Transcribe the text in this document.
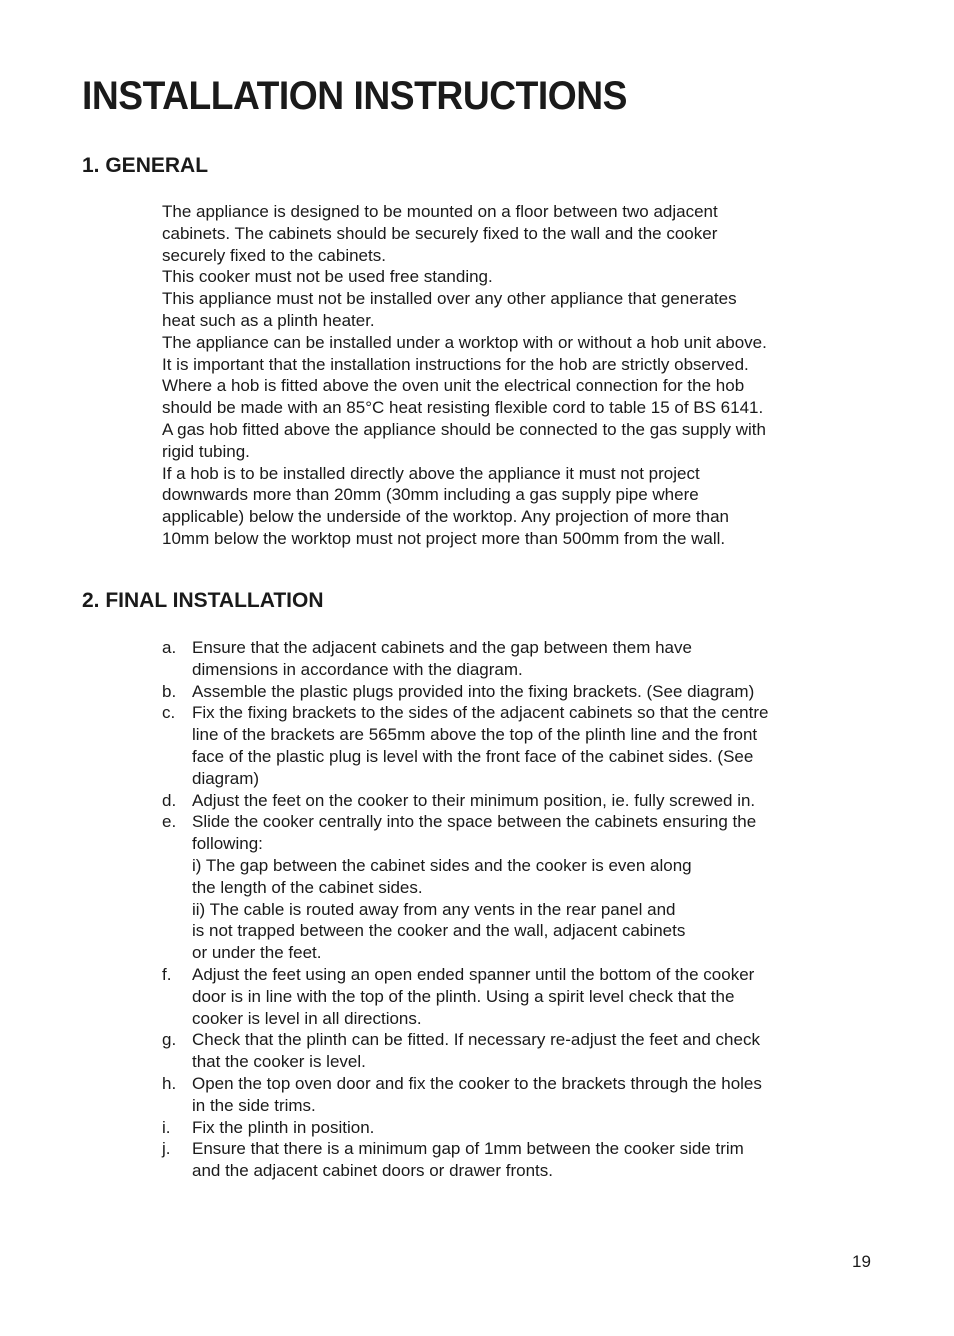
INSTALLATION INSTRUCTIONS
1. GENERAL

The appliance is designed to be mounted on a floor between two adjacent

cabinets. The cabinets should be securely fixed to the wall and the cooker

securely fixed to the cabinets.

This cooker must not be used free standing.

This appliance must not be installed over any other appliance that generates

heat such as a plinth heater.

The appliance can be installed under a worktop with or without a hob unit above.

It is important that the installation instructions for the hob are strictly observed.

Where a hob is fitted above the oven unit the electrical connection for the hob

should be made with an 85°C heat resisting flexible cord to table 15 of BS 6141.

A gas hob fitted above the appliance should be connected to the gas supply with

rigid tubing.

If a hob is to be installed directly above the appliance it must not project

downwards more than 20mm (30mm including a gas supply pipe where

applicable) below the underside of the worktop. Any projection of more than

10mm below the worktop must not project more than 500mm from the wall.

2. FINAL INSTALLATION
a. Ensure that the adjacent cabinets and the gap between them have
dimensions in accordance with the diagram.
b. Assemble the plastic plugs provided into the fixing brackets. (See diagram)
c. Fix the fixing brackets to the sides of the adjacent cabinets so that the centre
line of the brackets are 565mm above the top of the plinth line and the front
face of the plastic plug is level with the front face of the cabinet sides. (See
diagram)
d. Adjust the feet on the cooker to their minimum position, ie. fully screwed in.
e. Slide the cooker centrally into the space between the cabinets ensuring the
following:
i) The gap between the cabinet sides and the cooker is even along
the length of the cabinet sides.
ii) The cable is routed away from any vents in the rear panel and
is not trapped between the cooker and the wall, adjacent cabinets
or under the feet.
f.	Adjust the feet using an open ended spanner until the bottom of the cooker
door is in line with the top of the plinth. Using a spirit level check that the
cooker is level in all directions.
g. Check that the plinth can be fitted. If necessary re-adjust the feet and check
that the cooker is level.
h. Open the top oven door and fix the cooker to the brackets through the holes
in the side trims.
i.	Fix the plinth in position.
j.	Ensure that there is a minimum gap of 1mm between the cooker side trim
and the adjacent cabinet doors or drawer fronts.
19
